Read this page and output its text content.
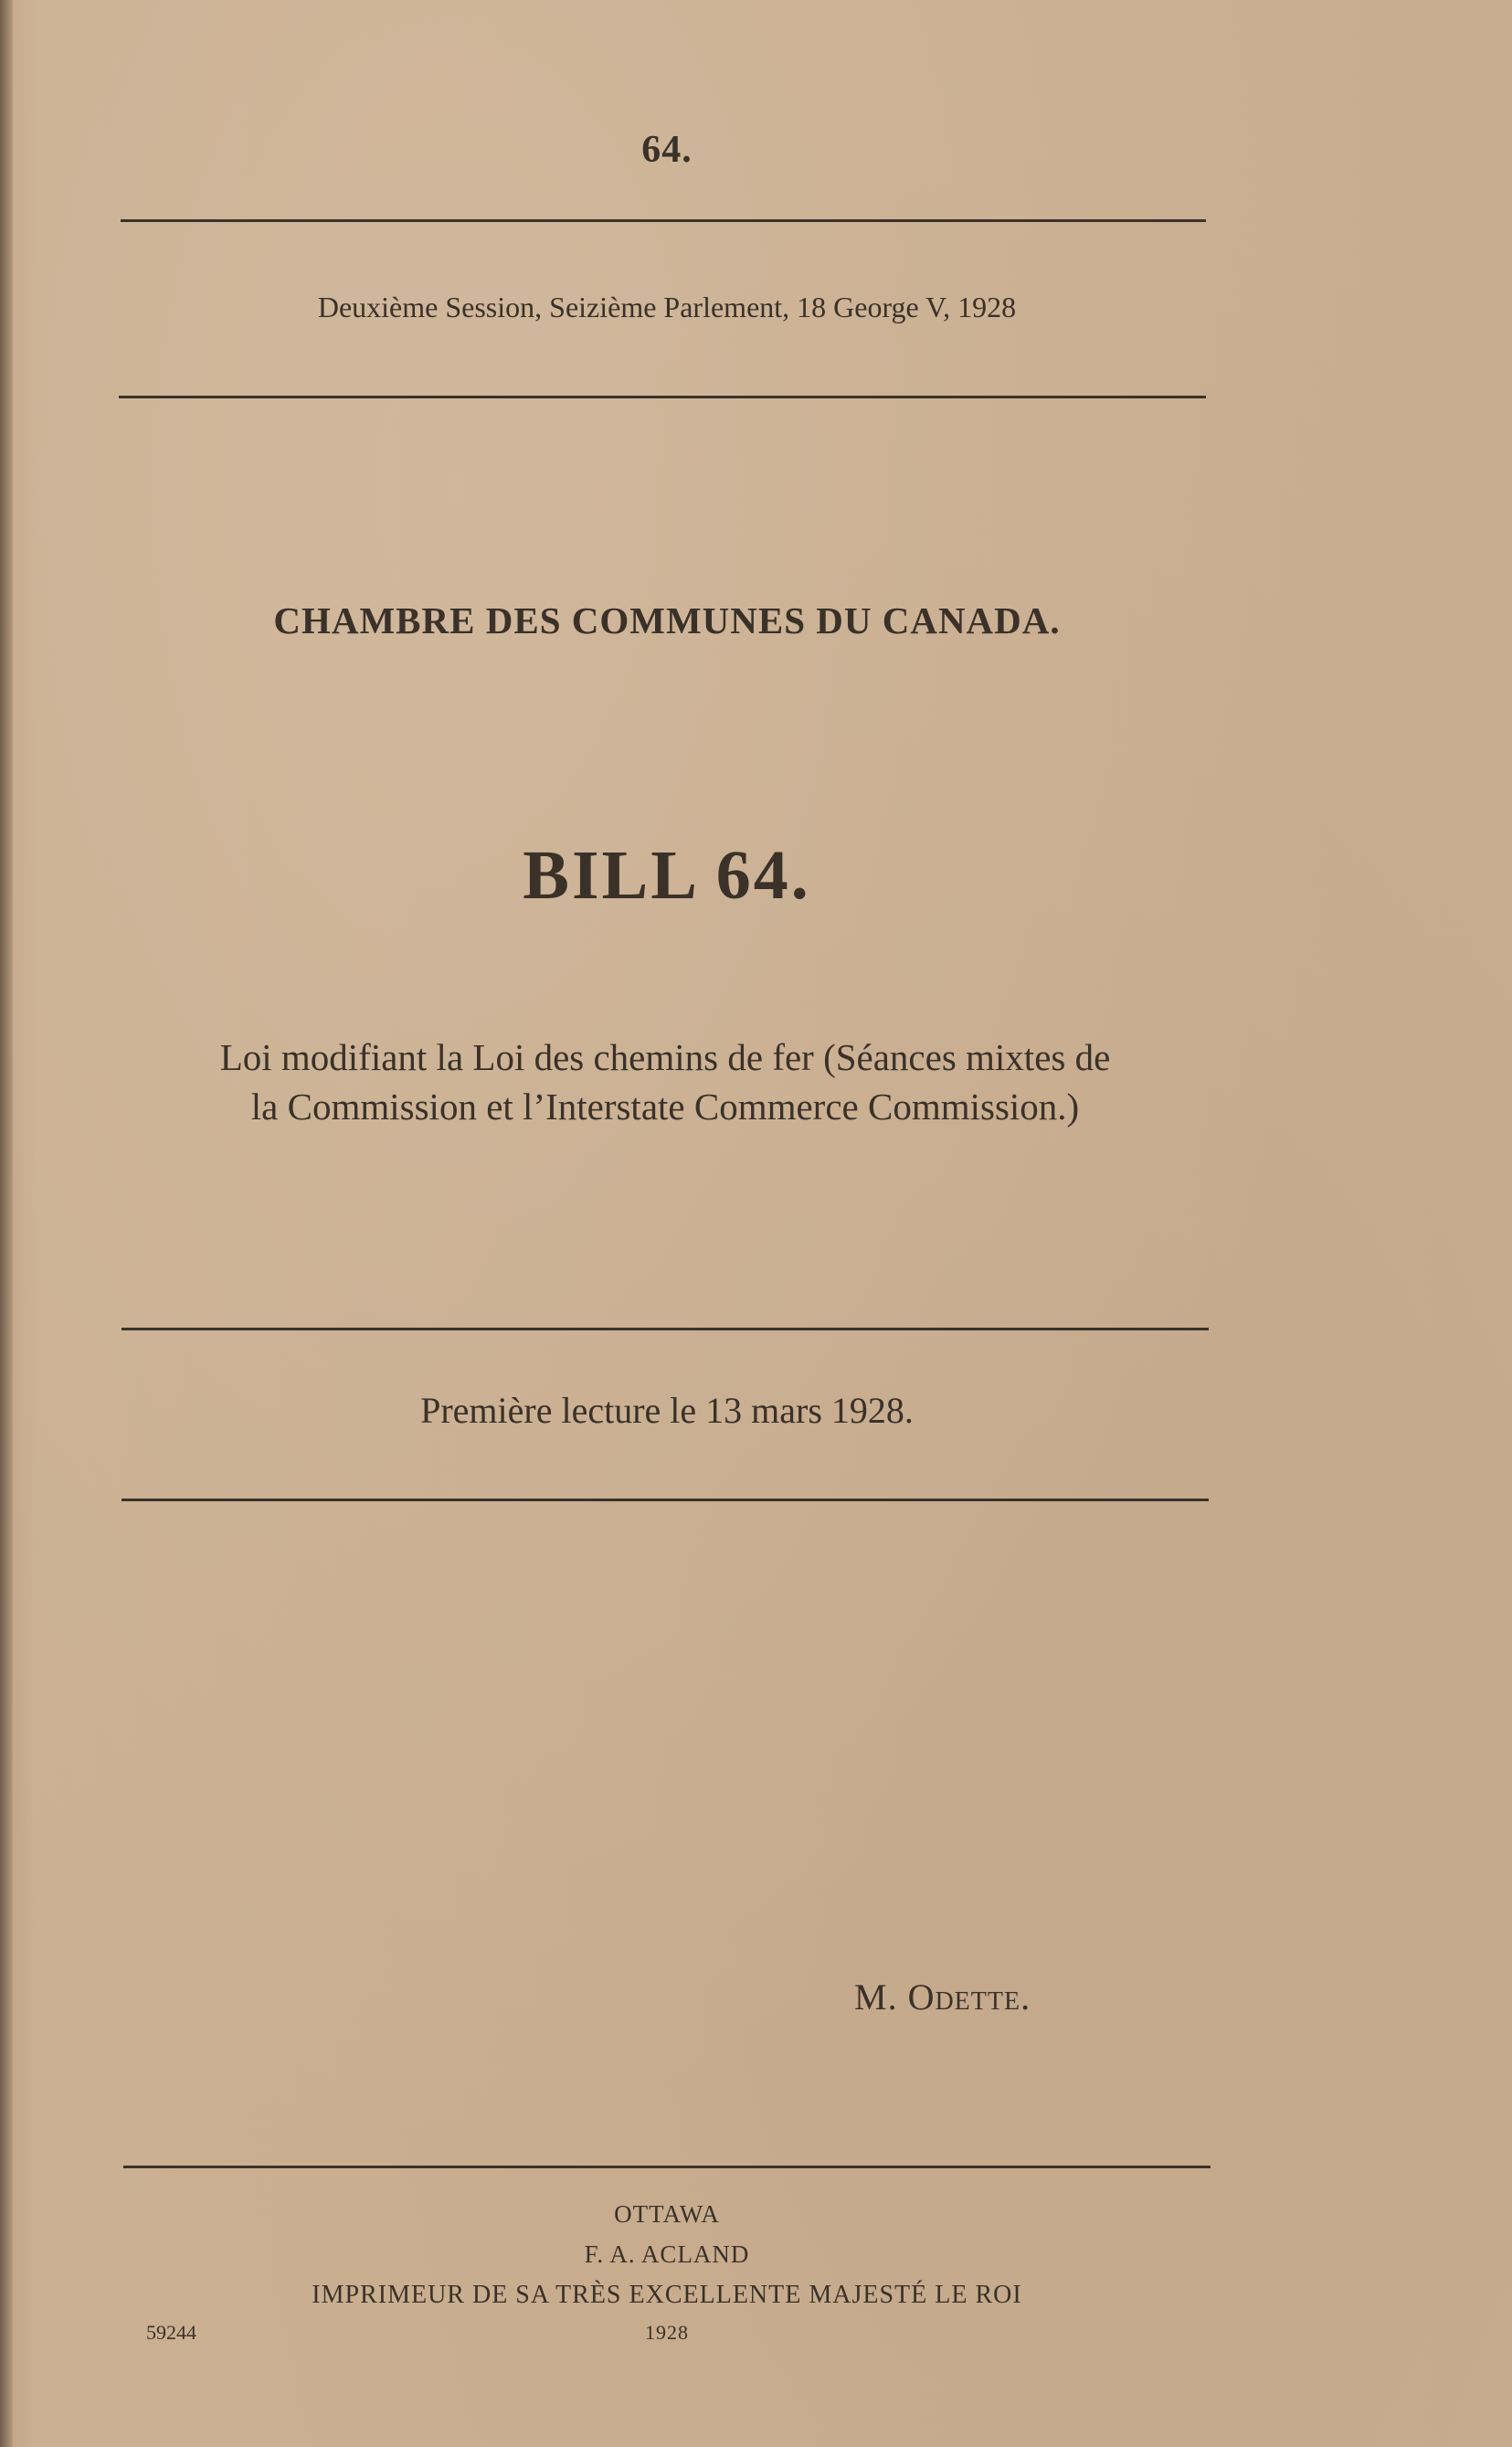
64.
Deuxième Session, Seizième Parlement, 18 George V, 1928
CHAMBRE DES COMMUNES DU CANADA.
BILL 64.
Loi modifiant la Loi des chemins de fer (Séances mixtes de
la Commission et l’Interstate Commerce Commission.)
Première lecture le 13 mars 1928.
M. Odette.
OTTAWA
F. A. ACLAND
IMPRIMEUR DE SA TRÈS EXCELLENTE MAJESTÉ LE ROI
1928
59244
